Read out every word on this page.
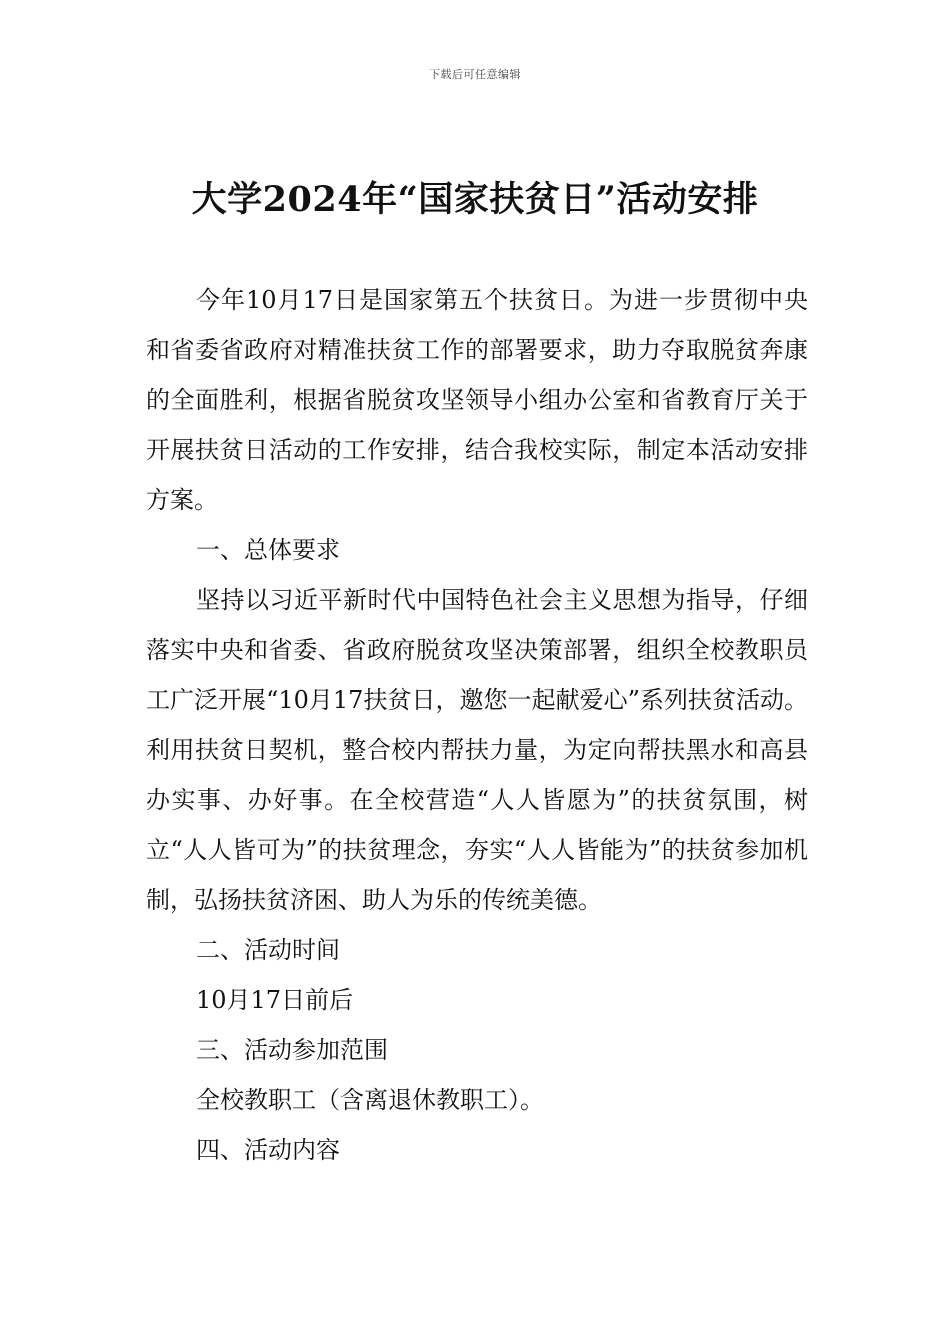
下载后可任意编辑
大学2024年“国家扶贫日”活动安排

今年10月17日是国家第五个扶贫日。为进一步贯彻中央和省委省政府对精准扶贫工作的部署要求，助力夺取脱贫奔康的全面胜利，根据省脱贫攻坚领导小组办公室和省教育厅关于开展扶贫日活动的工作安排，结合我校实际，制定本活动安排方案。

一、总体要求

坚持以习近平新时代中国特色社会主义思想为指导，仔细落实中央和省委、省政府脱贫攻坚决策部署，组织全校教职员工广泛开展“10月17扶贫日，邀您一起献爱心”系列扶贫活动。利用扶贫日契机，整合校内帮扶力量，为定向帮扶黑水和高县办实事、办好事。在全校营造“人人皆愿为”的扶贫氛围，树立“人人皆可为”的扶贫理念，夯实“人人皆能为”的扶贫参加机制，弘扬扶贫济困、助人为乐的传统美德。

二、活动时间

10月17日前后

三、活动参加范围

全校教职工（含离退休教职工）。

四、活动内容
